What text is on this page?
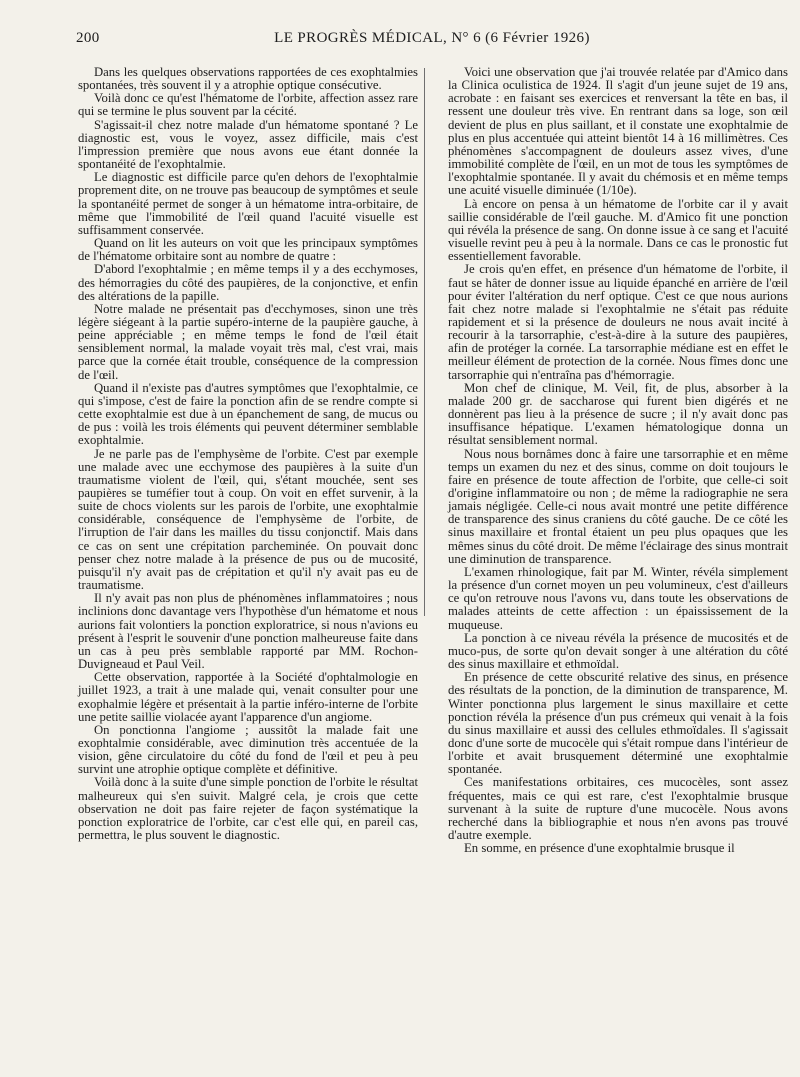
200	LE PROGRÈS MÉDICAL, N° 6 (6 Février 1926)

Dans les quelques observations rapportées de ces exophtalmies spontanées, très souvent il y a atrophie optique consécutive.

Voilà donc ce qu'est l'hématome de l'orbite, affection assez rare qui se termine le plus souvent par la cécité.

S'agissait-il chez notre malade d'un hématome spontané ? Le diagnostic est, vous le voyez, assez difficile, mais c'est l'impression première que nous avons eue étant donnée la spontanéité de l'exophtalmie.

Le diagnostic est difficile parce qu'en dehors de l'exophtalmie proprement dite, on ne trouve pas beaucoup de symptômes et seule la spontanéité permet de songer à un hématome intra-orbitaire, de même que l'immobilité de l'œil quand l'acuité visuelle est suffisamment conservée.

Quand on lit les auteurs on voit que les principaux symptômes de l'hématome orbitaire sont au nombre de quatre :

D'abord l'exophtalmie ; en même temps il y a des ecchymoses, des hémorragies du côté des paupières, de la conjonctive, et enfin des altérations de la papille.

Notre malade ne présentait pas d'ecchymoses, sinon une très légère siégeant à la partie supéro-interne de la paupière gauche, à peine appréciable ; en même temps le fond de l'œil était sensiblement normal, la malade voyait très mal, c'est vrai, mais parce que la cornée était trouble, conséquence de la compression de l'œil.

Quand il n'existe pas d'autres symptômes que l'exophtalmie, ce qui s'impose, c'est de faire la ponction afin de se rendre compte si cette exophtalmie est due à un épanchement de sang, de mucus ou de pus : voilà les trois éléments qui peuvent déterminer semblable exophtalmie.

Je ne parle pas de l'emphysème de l'orbite. C'est par exemple une malade avec une ecchymose des paupières à la suite d'un traumatisme violent de l'œil, qui, s'étant mouchée, sent ses paupières se tuméfier tout à coup. On voit en effet survenir, à la suite de chocs violents sur les parois de l'orbite, une exophtalmie considérable, conséquence de l'emphysème de l'orbite, de l'irruption de l'air dans les mailles du tissu conjonctif. Mais dans ce cas on sent une crépitation parcheminée. On pouvait donc penser chez notre malade à la présence de pus ou de mucosité, puisqu'il n'y avait pas de crépitation et qu'il n'y avait pas eu de traumatisme.

Il n'y avait pas non plus de phénomènes inflammatoires ; nous inclinions donc davantage vers l'hypothèse d'un hématome et nous aurions fait volontiers la ponction exploratrice, si nous n'avions eu présent à l'esprit le souvenir d'une ponction malheureuse faite dans un cas à peu près semblable rapporté par MM. Rochon-Duvigneaud et Paul Veil.

Cette observation, rapportée à la Société d'ophtalmologie en juillet 1923, a trait à une malade qui, venait consulter pour une exophalmie légère et présentait à la partie inféro-interne de l'orbite une petite saillie violacée ayant l'apparence d'un angiome.

On ponctionna l'angiome ; aussitôt la malade fait une exophtalmie considérable, avec diminution très accentuée de la vision, gêne circulatoire du côté du fond de l'œil et peu à peu survint une atrophie optique complète et définitive.

Voilà donc à la suite d'une simple ponction de l'orbite le résultat malheureux qui s'en suivit. Malgré cela, je crois que cette observation ne doit pas faire rejeter de façon systématique la ponction exploratrice de l'orbite, car c'est elle qui, en pareil cas, permettra, le plus souvent le diagnostic.

Voici une observation que j'ai trouvée relatée par d'Amico dans la Clinica oculistica de 1924. Il s'agit d'un jeune sujet de 19 ans, acrobate : en faisant ses exercices et renversant la tête en bas, il ressent une douleur très vive. En rentrant dans sa loge, son œil devient de plus en plus saillant, et il constate une exophtalmie de plus en plus accentuée qui atteint bientôt 14 à 16 millimètres. Ces phénomènes s'accompagnent de douleurs assez vives, d'une immobilité complète de l'œil, en un mot de tous les symptômes de l'exophtalmie spontanée. Il y avait du chémosis et en même temps une acuité visuelle diminuée (1/10e).

Là encore on pensa à un hématome de l'orbite car il y avait saillie considérable de l'œil gauche. M. d'Amico fit une ponction qui révéla la présence de sang. On donne issue à ce sang et l'acuité visuelle revint peu à peu à la normale. Dans ce cas le pronostic fut essentiellement favorable.

Je crois qu'en effet, en présence d'un hématome de l'orbite, il faut se hâter de donner issue au liquide épanché en arrière de l'œil pour éviter l'altération du nerf optique. C'est ce que nous aurions fait chez notre malade si l'exophtalmie ne s'était pas réduite rapidement et si la présence de douleurs ne nous avait incité à recourir à la tarsorraphie, c'est-à-dire à la suture des paupières, afin de protéger la cornée. La tarsorraphie médiane est en effet le meilleur élément de protection de la cornée. Nous fîmes donc une tarsorraphie qui n'entraîna pas d'hémorragie.

Mon chef de clinique, M. Veil, fit, de plus, absorber à la malade 200 gr. de saccharose qui furent bien digérés et ne donnèrent pas lieu à la présence de sucre ; il n'y avait donc pas insuffisance hépatique. L'examen hématologique donna un résultat sensiblement normal.

Nous nous bornâmes donc à faire une tarsorraphie et en même temps un examen du nez et des sinus, comme on doit toujours le faire en présence de toute affection de l'orbite, que celle-ci soit d'origine inflammatoire ou non ; de même la radiographie ne sera jamais négligée. Celle-ci nous avait montré une petite différence de transparence des sinus craniens du côté gauche. De ce côté les sinus maxillaire et frontal étaient un peu plus opaques que les mêmes sinus du côté droit. De même l'éclairage des sinus montrait une diminution de transparence.

L'examen rhinologique, fait par M. Winter, révéla simplement la présence d'un cornet moyen un peu volumineux, c'est d'ailleurs ce qu'on retrouve nous l'avons vu, dans toute les observations de malades atteints de cette affection : un épaississement de la muqueuse.

La ponction à ce niveau révéla la présence de mucosités et de muco-pus, de sorte qu'on devait songer à une altération du côté des sinus maxillaire et ethmoïdal.

En présence de cette obscurité relative des sinus, en présence des résultats de la ponction, de la diminution de transparence, M. Winter ponctionna plus largement le sinus maxillaire et cette ponction révéla la présence d'un pus crémeux qui venait à la fois du sinus maxillaire et aussi des cellules ethmoïdales. Il s'agissait donc d'une sorte de mucocèle qui s'était rompue dans l'intérieur de l'orbite et avait brusquement déterminé une exophtalmie spontanée.

Ces manifestations orbitaires, ces mucocèles, sont assez fréquentes, mais ce qui est rare, c'est l'exophtalmie brusque survenant à la suite de rupture d'une mucocèle. Nous avons recherché dans la bibliographie et nous n'en avons pas trouvé d'autre exemple.

En somme, en présence d'une exophtalmie brusque il
